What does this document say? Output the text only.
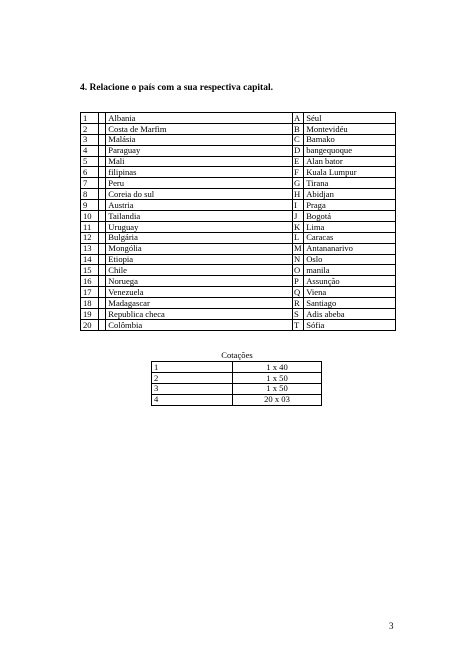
4. Relacione o país com a sua respectiva capital.
1		Albania	A	Séul
2		Costa de Marfim	B	Montevidéu
3		Malásia	C	Bamako
4		Paraguay	D	bangequoque
5		Mali	E	Alan bator
6		filipinas	F	Kuala Lumpur
7		Peru	G	Tirana
8		Coreia do sul	H	Abidjan
9		Austria	I	Praga
10		Tailandia	J	Bogotá
11		Uruguay	K	Lima
12		Bulgária	L	Caracas
13		Mongólia	M	Antananarivo
14		Etiopia	N	Oslo
15		Chile	O	manila
16		Noruega	P	Assunção
17		Venezuela	Q	Viena
18		Madagascar	R	Santiago
19		Republica checa	S	Adis abeba
20		Colômbia	T	Sófia
Cotações
1	1 x 40
2	1 x 50
3	1 x 50
4	20 x 03
3
